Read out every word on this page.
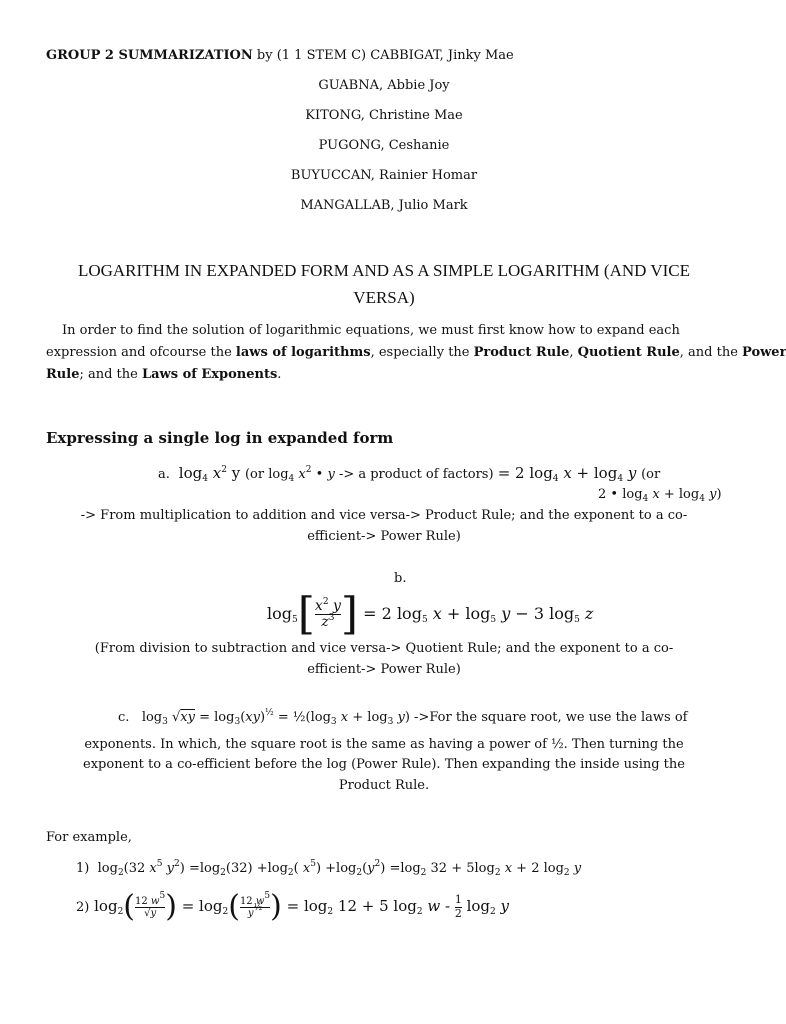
GROUP 2 SUMMARIZATION by (1 1 STEM C) CABBIGAT, Jinky Mae
GUABNA, Abbie Joy
KITONG, Christine Mae
PUGONG, Ceshanie
BUYUCCAN, Rainier Homar
MANGALLAB, Julio Mark
LOGARITHM IN EXPANDED FORM AND AS A SIMPLE LOGARITHM (AND VICE
VERSA)
In order to find the solution of logarithmic equations, we must first know how to expand each
expression and ofcourse the laws of logarithms, especially the Product Rule, Quotient Rule, and the Power
Rule; and the Laws of Exponents.
Expressing a single log in expanded form
a.  $\log_4 x^2$ y (or $\log_4 x^2$ • y -> a product of factors) = 2 $\log_4 x + \log_4 y$ (or
2 • $\log_4 x + \log_4 y$)
-> From multiplication to addition and vice versa-> Product Rule; and the exponent to a co-
efficient-> Power Rule)
b.
$\log_5[ \frac{x^2 y}{z^3}$ ] = 2 $\log_5 x + \log_5 y - 3$ $\log_5 z$
(From division to subtraction and vice versa-> Quotient Rule; and the exponent to a co-
efficient-> Power Rule)
c.   $\log_3 √xy = \log_3(xy)^{\frac{1}{2}}$ = $\frac{1}{2}(\log_3$ $x + \log_3 y$) ->For the square root, we use the laws of
exponents. In which, the square root is the same as having a power of ½. Then turning the
exponent to a co-efficient before the log (Power Rule). Then expanding the inside using the
Product Rule.
For example,
1)  $\log_2(32$ $x^5$ $y^2) =\log_2(32) +\log_2$( $x^5) +\log_2(y^2) =\log_2$ $32 + 5\log_2$ x + 2 $\log_2 y$
2) $\log_2( \frac{12 w^5}{√y}$ ) = $\log_2( \frac{12 w^5}{y^{\frac{1}{2}}}$ ) = $\log_2 12 + 5$ $\log_2 w - \frac{1}{2} \log_2 y$
